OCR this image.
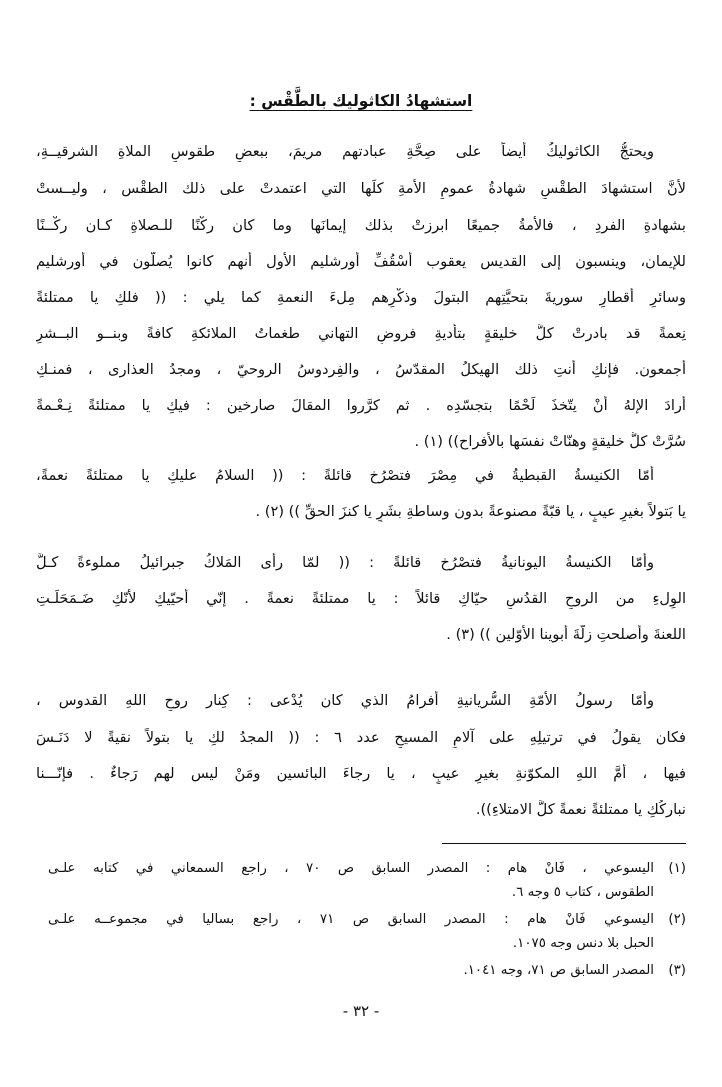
استشهادُ الكاثوليك بالطَّقْس :
ويحتجُّ الكاثوليكُ أيضاً على صِحَّةِ عبادتهم مريمَ، ببعضِ طقوسِ الملاةِ الشرقيــةِ،
لأنَّ استشهادَ الطقْسِ شهادةُ عمومِ الأمةِ كلِّها التي اعتمدتْ على ذلك الطقْس ، وليــستْ
بشهادةِ الفردِ ، فالأمةُ جميعًا ابرزتْ بذلك إيمانَها وما كان ركْنًا للـصلاةِ كـان ركْــنًا
للإيمان، وينسبون إلى القديس يعقوب أسْقُفِّ أورشليم الأول أنهم كانوا يُصلّون في أورشليم
وسائرِ أقطارِ سوريةَ بتحيَّتِهم البتولَ وذكْرِهم مِلءَ النعمةِ كما يلي : (( فلكِ يا ممتلئةً
نِعمةً قد بادرتْ كلُّ خليقةٍ بتأديةِ فروضِ التهاني طغماتُ الملائكةِ كافةً وبنــو البــشرِ
أجمعون. فإنكِ أنتِ ذلك الهيكلُ المقدّسُ ، والفِردوسُ الروحيّ ، ومجدُ العذارى ، فمنـكِ
أرادَ الإلهُ أنْ يتّخذَ لَحْمًا بتجسّدِه . ثم كرَّروا المقالَ صارخين : فيكِ يا ممتلئةً نِـعْـمةً
سُرَّتْ كلُّ خليقةٍ وهنّاتْ نفسَها بالأفراح)) (١) .
أمّا الكنيسةُ القبطيةُ في مِصْرَ فتصْرُخ قائلةً : (( السلامُ عليكِ يا ممتلئةً نعمةً،
يا بَتولاً بغيرِ عيبٍ ، يا قبّةً مصنوعةً بدون وساطةِ بشَرٍ يا كنزَ الحقِّ )) (٢) .
وأمّا الكنيسةُ اليونانيةُ فتصْرُخ قائلةً : (( لمّا رأى المَلاكُ جبرائيلُ مملوءةً كـلَّ
الوِلءِ من الروحِ القدُسِ حيّاكِ قائلاً : يا ممتلئةً نعمةً . إنّي أُحيّيكِ لأنّكِ ضَـمَحَلَـتِ
اللعنةَ وأصلحتِ زلّةَ أبوينا الأوّلين )) (٣) .
وأمّا رسولُ الأمّةِ السُّريانيةِ أفرامُ الذي كان يُدْعى : كِنار روحِ اللهِ القدوس ،
فكان يقولُ في ترتيلِهِ على آلامِ المسيحِ عدد ٦ : (( المجدُ لكِ يا بتولاً نقيةً لا دَنَـسَ
فيها ، أمَّ اللهِ المكوّنةِ بغيرِ عيبٍ ، يا رجاءَ البائسين ومَنْ ليس لهم رَجاءٌ . فإنّـــنا
نباركُكِ يا ممتلئةً نعمةً كلَّ الامتلاءِ)).
(١)اليسوعي ، فَانْ هام : المصدر السابق ص ٧٠ ، راجع السمعاني في كتابه علـى
الطقوس ، كتاب ٥ وجه ٦.
(٢)اليسوعي فَانْ هام : المصدر السابق ص ٧١ ، راجع بساليا في مجموعــه علـى
الحبل بلا دنس وجه ١٠٧٥.
(٣)المصدر السابق ص ٧١، وجه ١٠٤١.
- ٣٢ -
